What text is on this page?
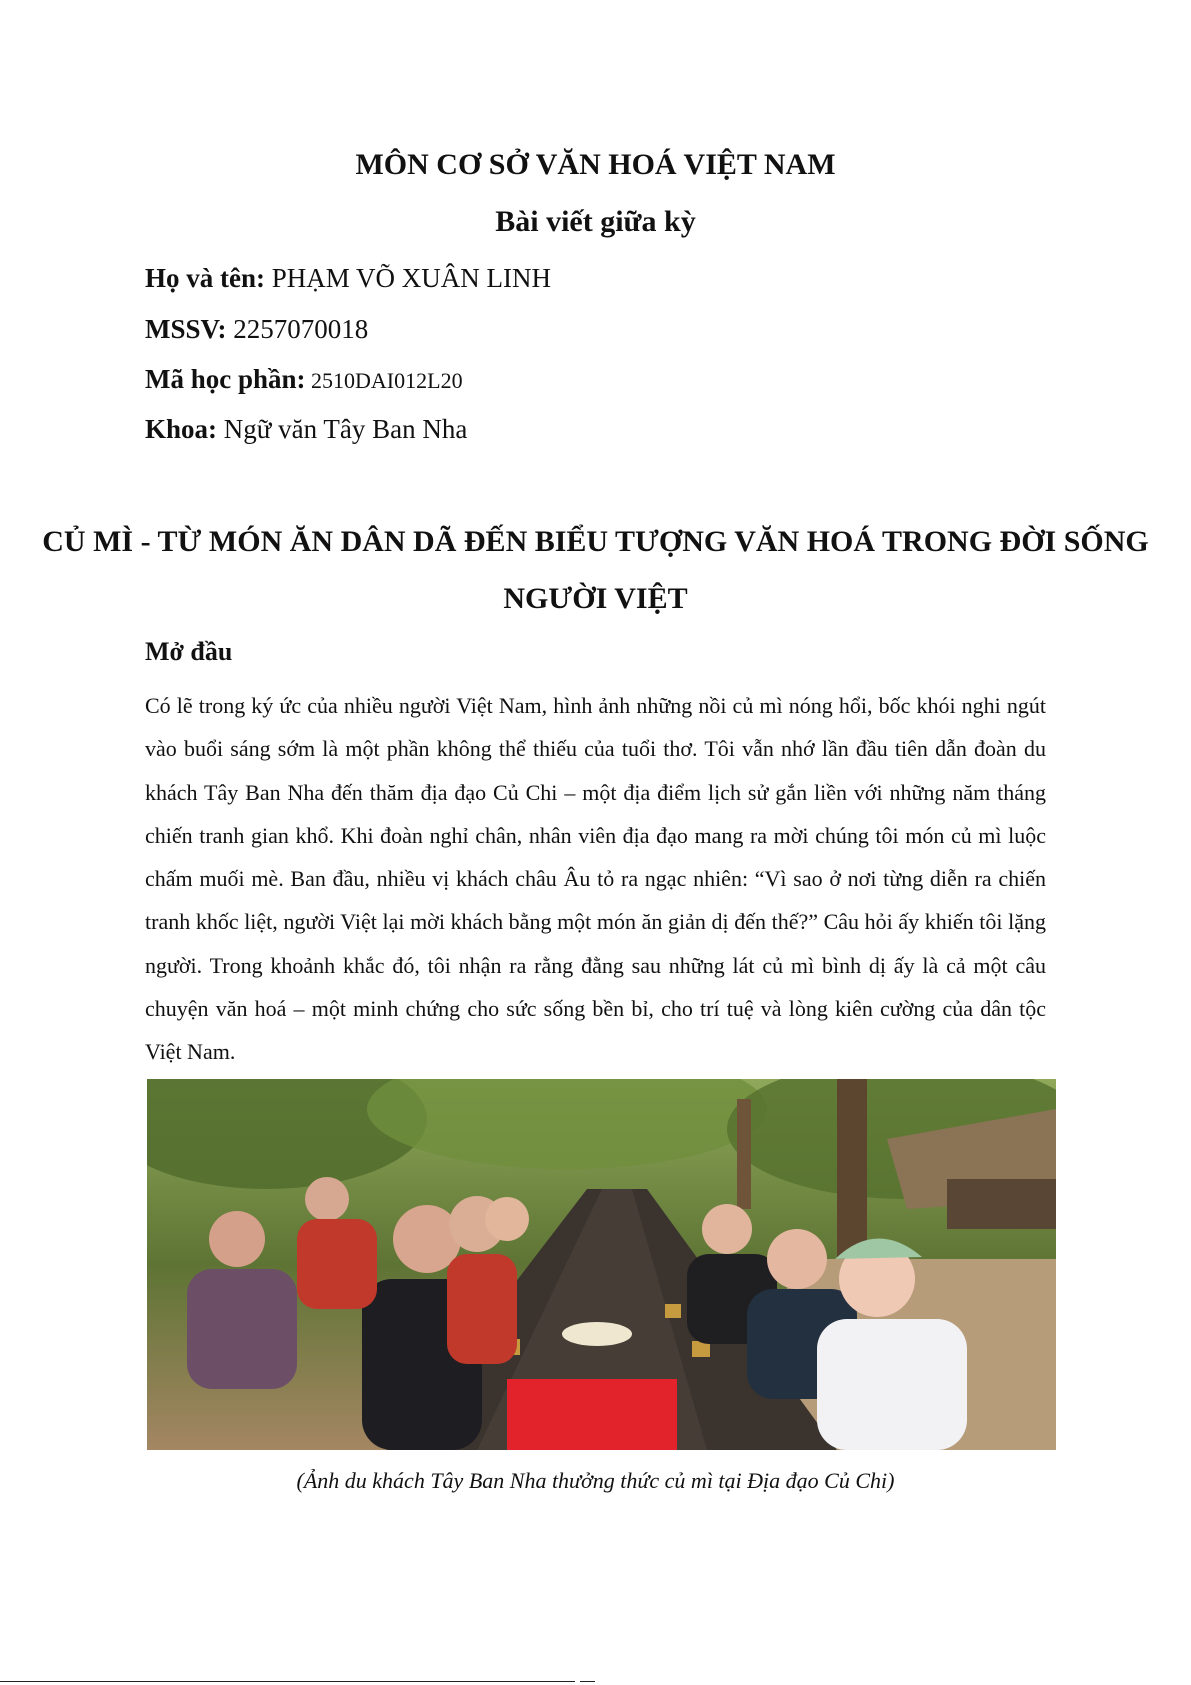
MÔN CƠ SỞ VĂN HOÁ VIỆT NAM
Bài viết giữa kỳ
Họ và tên: PHẠM VÕ XUÂN LINH
MSSV: 2257070018
Mã học phần: 2510DAI012L20
Khoa: Ngữ văn Tây Ban Nha
CỦ MÌ - TỪ MÓN ĂN DÂN DÃ ĐẾN BIỂU TƯỢNG VĂN HOÁ TRONG ĐỜI SỐNG NGƯỜI VIỆT
Mở đầu
Có lẽ trong ký ức của nhiều người Việt Nam, hình ảnh những nồi củ mì nóng hổi, bốc khói nghi ngút vào buổi sáng sớm là một phần không thể thiếu của tuổi thơ. Tôi vẫn nhớ lần đầu tiên dẫn đoàn du khách Tây Ban Nha đến thăm địa đạo Củ Chi – một địa điểm lịch sử gắn liền với những năm tháng chiến tranh gian khổ. Khi đoàn nghỉ chân, nhân viên địa đạo mang ra mời chúng tôi món củ mì luộc chấm muối mè. Ban đầu, nhiều vị khách châu Âu tỏ ra ngạc nhiên: “Vì sao ở nơi từng diễn ra chiến tranh khốc liệt, người Việt lại mời khách bằng một món ăn giản dị đến thế?” Câu hỏi ấy khiến tôi lặng người. Trong khoảnh khắc đó, tôi nhận ra rằng đằng sau những lát củ mì bình dị ấy là cả một câu chuyện văn hoá – một minh chứng cho sức sống bền bỉ, cho trí tuệ và lòng kiên cường của dân tộc Việt Nam.
(Ảnh du khách Tây Ban Nha thưởng thức củ mì tại Địa đạo Củ Chi)
